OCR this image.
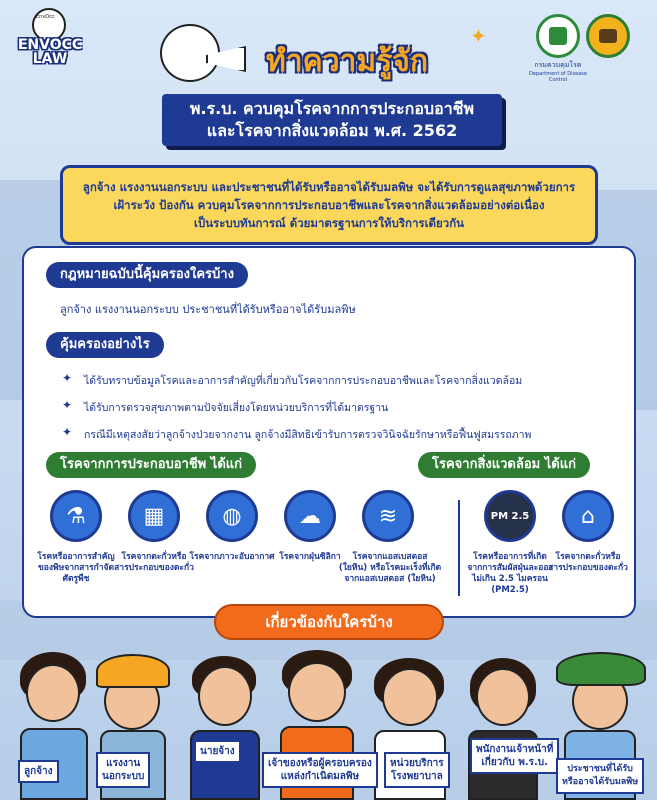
EnvOcc
ENVOCC
LAW	ทำความรู้จัก
✦
พ.ร.บ. ควบคุมโรคจากการประกอบอาชีพ
และโรคจากสิ่งแวดล้อม พ.ศ. 2562
กรมควบคุมโรค
Department of Disease Control
ลูกจ้าง แรงงานนอกระบบ และประชาชนที่ได้รับหรืออาจได้รับมลพิษ จะได้รับการดูแลสุขภาพด้วยการ
เฝ้าระวัง ป้องกัน ควบคุมโรคจากการประกอบอาชีพและโรคจากสิ่งแวดล้อมอย่างต่อเนื่อง
เป็นระบบทันการณ์ ด้วยมาตรฐานการให้บริการเดียวกัน
กฎหมายฉบับนี้คุ้มครองใครบ้าง
ลูกจ้าง แรงงานนอกระบบ ประชาชนที่ได้รับหรืออาจได้รับมลพิษ
คุ้มครองอย่างไร
✦ ได้รับทราบข้อมูลโรคและอาการสำคัญที่เกี่ยวกับโรคจากการประกอบอาชีพและโรคจากสิ่งแวดล้อม
✦ ได้รับการตรวจสุขภาพตามปัจจัยเสี่ยงโดยหน่วยบริการที่ได้มาตรฐาน
✦ กรณีมีเหตุสงสัยว่าลูกจ้างป่วยจากงาน ลูกจ้างมีสิทธิเข้ารับการตรวจวินิจฉัยรักษาหรือฟื้นฟูสมรรถภาพ
โรคจากการประกอบอาชีพ ได้แก่	โรคจากสิ่งแวดล้อม ได้แก่
⚗
โรคหรืออาการสำคัญของพิษจากสารกำจัดศัตรูพืช
▦
โรคจากตะกั่วหรือสารประกอบของตะกั่ว
◍
โรคจากภาวะอับอากาศ
☁
โรคจากฝุ่นซิลิกา
≋
โรคจากแอสเบสตอส (ใยหิน) หรือโรคมะเร็งที่เกิดจากแอสเบสตอส (ใยหิน)
PM 2.5
โรคหรืออาการที่เกิดจากการสัมผัสฝุ่นละอองไม่เกิน 2.5 ไมครอน (PM2.5)
⌂
โรคจากตะกั่วหรือสารประกอบของตะกั่ว
เกี่ยวข้องกับใครบ้าง
ลูกจ้าง
แรงงาน
นอกระบบ
นายจ้าง
เจ้าของหรือผู้ครอบครอง
แหล่งกำเนิดมลพิษ
หน่วยบริการ
โรงพยาบาล
พนักงานเจ้าหน้าที่
เกี่ยวกับ พ.ร.บ.
ประชาชนที่ได้รับ
หรืออาจได้รับมลพิษ
